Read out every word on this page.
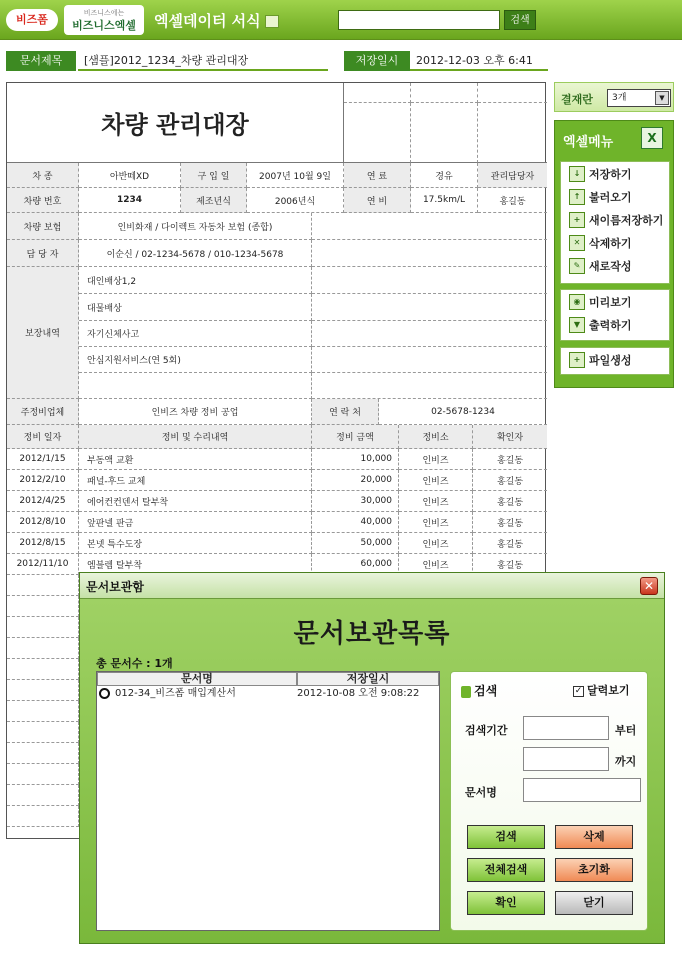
비즈폼	비즈니스에는
비즈니스엑셀	엑셀데이터 서식	검색
문서제목	[샘플]2012_1234_차량 관리대장	저장일시	2012-12-03 오후 6:41
차량 관리대장
차 종	아반떼XD	구 입 일	2007년 10월 9일	연 료	경유	관리담당자
차량 번호	1234	제조년식	2006년식	연 비	17.5km/L	홍길동
차량 보험	인비화재 / 다이렉트 자동차 보험 (종합)
담 당 자	이순신 / 02-1234-5678 / 010-1234-5678
보장내역
대인배상1,2
대물배상
자기신체사고
안심지원서비스(연 5회)
주정비업체	인비즈 차량 정비 공업	연 락 처	02-5678-1234
정비 일자	정비 및 수리내역	정비 금액	정비소	확인자
2012/1/15	부동액 교환	10,000	인비즈	홍길동
2012/2/10	패널-후드 교체	20,000	인비즈	홍길동
2012/4/25	에어컨컨덴서 탈부착	30,000	인비즈	홍길동
2012/8/10	앞판넬 판금	40,000	인비즈	홍길동
2012/8/15	본넷 특수도장	50,000	인비즈	홍길동
2012/11/10	엠블렘 탈부착	60,000	인비즈	홍길동
결재란	3개	▼
엑셀메뉴	X
↓ 저장하기
↑ 불러오기
+ 새이름저장하기
✕ 삭제하기
✎ 새로작성
◉ 미리보기
▼ 출력하기
+ 파일생성
문서보관함	✕
문서보관목록
총 문서수 : 1개
문서명	저장일시
012-34_비즈폼 매입계산서	2012-10-08 오전 9:08:22	검색	✓ 달력보기
검색기간	부터
까지
문서명
검색	삭제
전체검색	초기화
확인	닫기
